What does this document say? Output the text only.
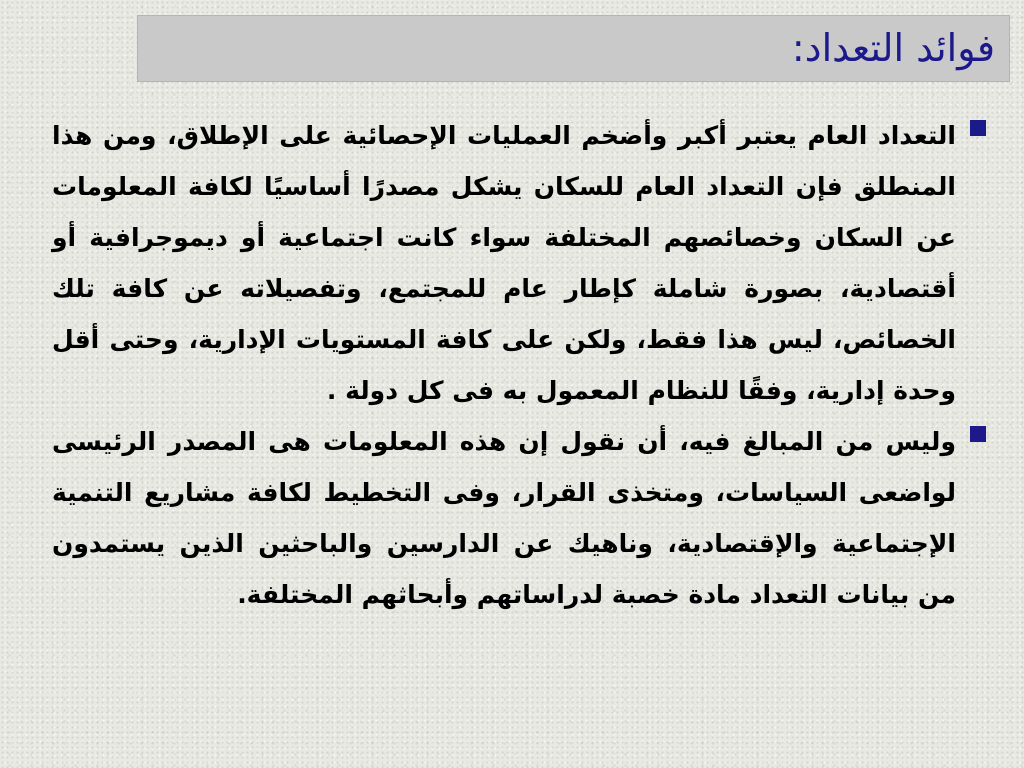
فوائد التعداد:

التعداد العام يعتبر أكبر وأضخم العمليات الإحصائية على الإطلاق، ومن هذا المنطلق فإن التعداد العام للسكان يشكل مصدرًا أساسيًا لكافة المعلومات عن السكان وخصائصهم المختلفة سواء كانت اجتماعية أو ديموجرافية أو أقتصادية، بصورة شاملة كإطار عام للمجتمع، وتفصيلاته عن كافة تلك الخصائص، ليس هذا فقط، ولكن على كافة المستويات الإدارية، وحتى أقل وحدة إدارية، وفقًا للنظام المعمول به فى كل دولة .

وليس من المبالغ فيه، أن نقول إن هذه المعلومات هى المصدر الرئيسى لواضعى السياسات، ومتخذى القرار، وفى التخطيط لكافة مشاريع التنمية الإجتماعية والإقتصادية، وناهيك عن الدارسين والباحثين الذين يستمدون من بيانات التعداد مادة خصبة لدراساتهم وأبحاثهم المختلفة.
